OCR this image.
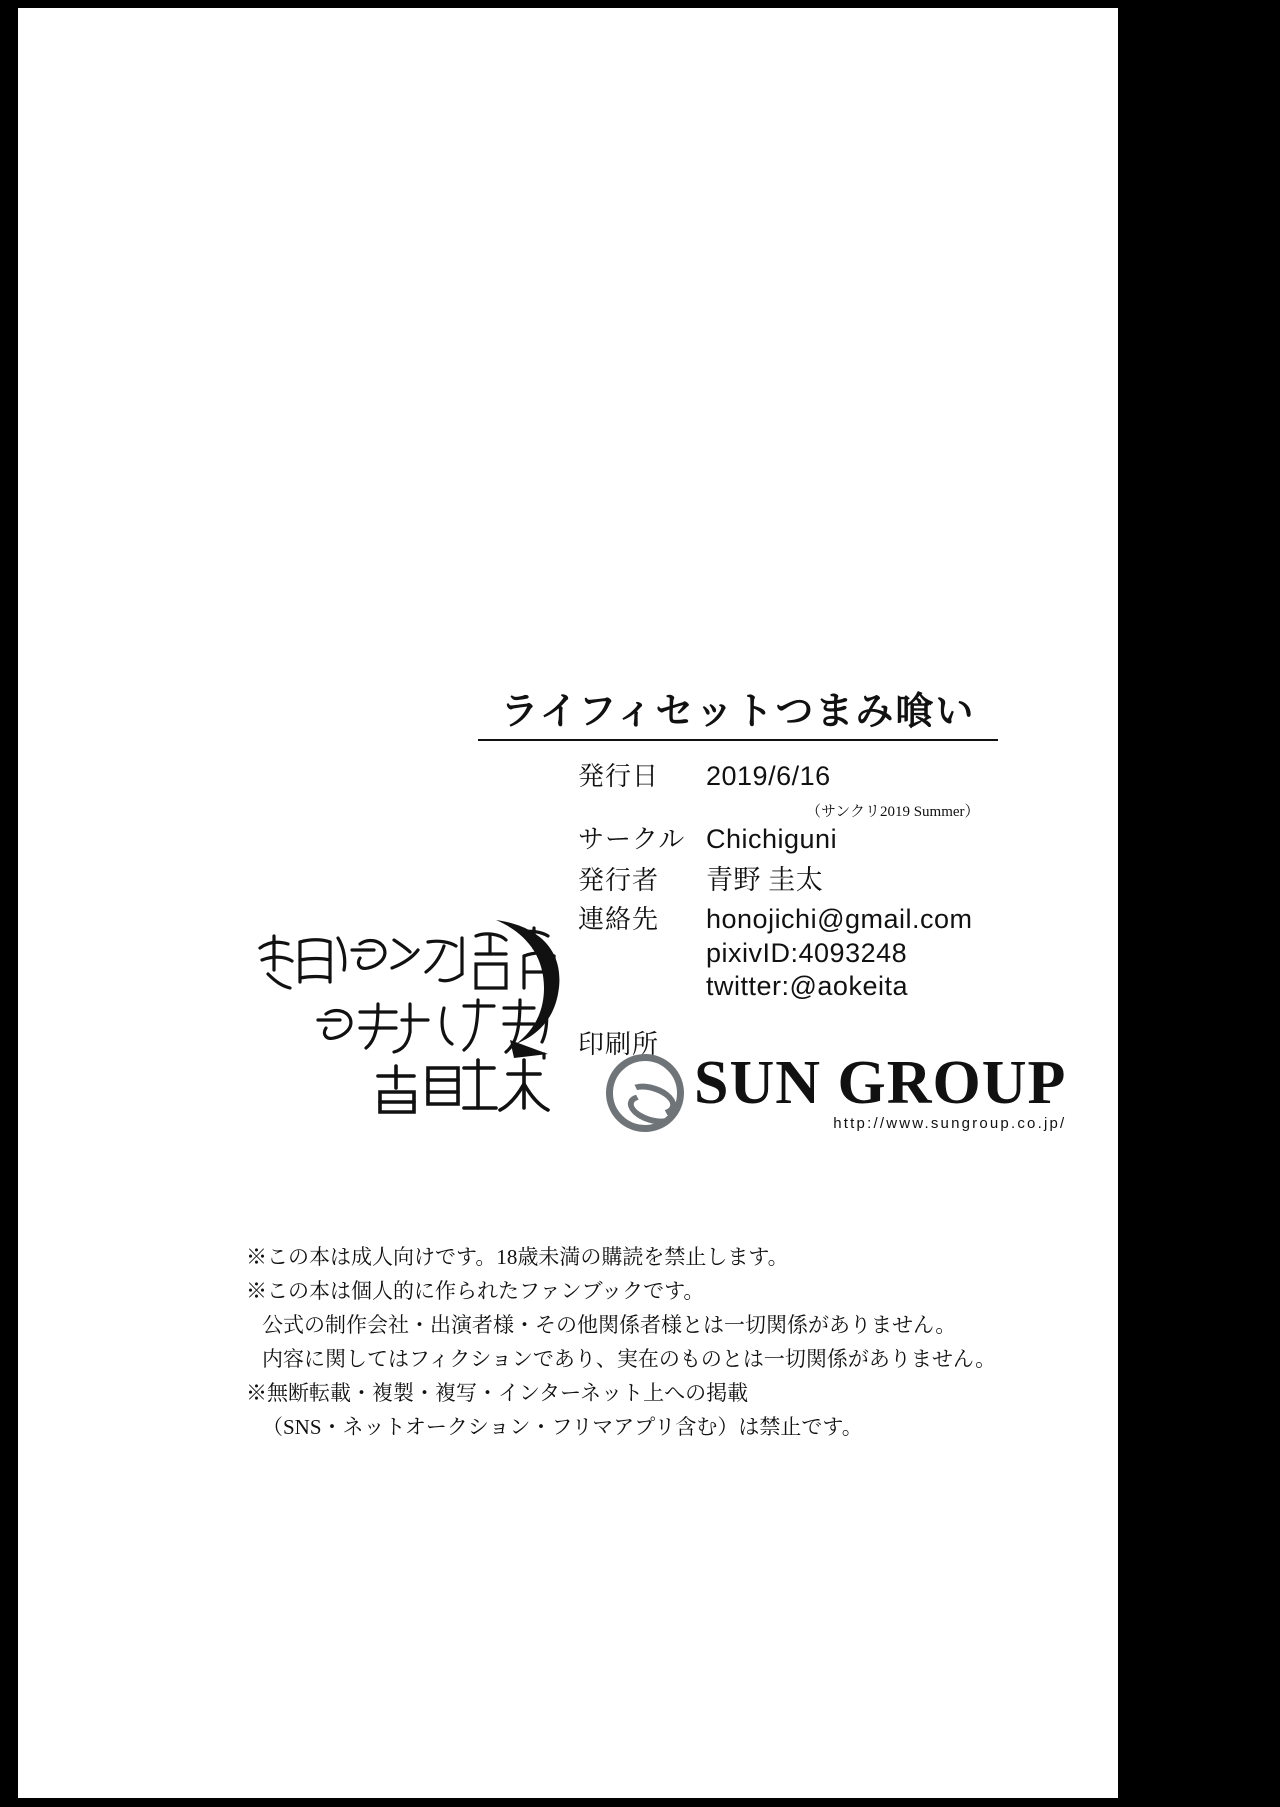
ライフィセットつまみ喰い
発行日	2019/6/16
（サンクリ2019 Summer）
サークル Chichiguni
発行者	青野 圭太
連絡先	honojichi@gmail.com
pixivID:4093248
twitter:@aokeita
印刷所
SUN GROUP
http://www.sungroup.co.jp/
※この本は成人向けです。18歳未満の購読を禁止します。
※この本は個人的に作られたファンブックです。
公式の制作会社・出演者様・その他関係者様とは一切関係がありません。
内容に関してはフィクションであり、実在のものとは一切関係がありません。
※無断転載・複製・複写・インターネット上への掲載
（SNS・ネットオークション・フリマアプリ含む）は禁止です。
